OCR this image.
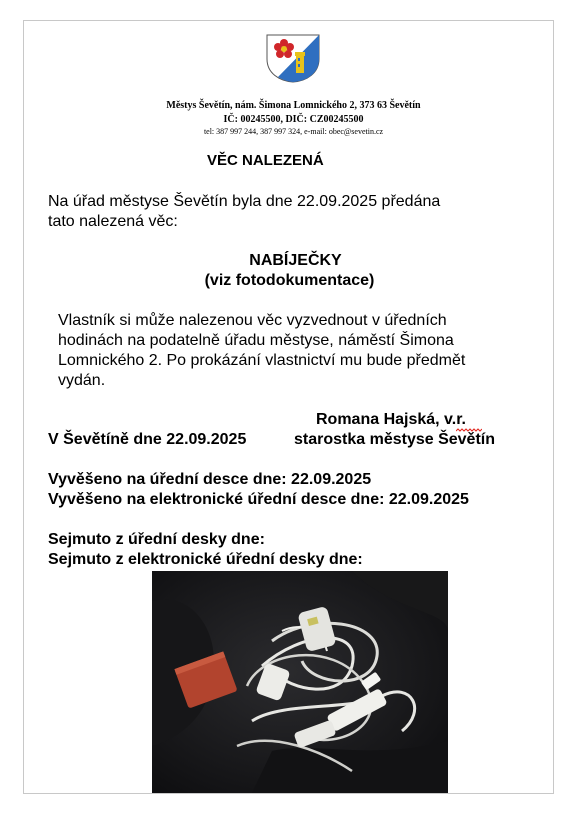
Městys Ševětín, nám. Šimona Lomnického 2, 373 63 Ševětín
IČ: 00245500, DIČ: CZ00245500
tel: 387 997 244, 387 997 324, e-mail: obec@sevetin.cz
VĚC NALEZENÁ
Na úřad městyse Ševětín byla dne 22.09.2025 předána
tato nalezená věc:
NABÍJEČKY
(viz fotodokumentace)
Vlastník si může nalezenou věc vyzvednout v úředních
hodinách na podatelně úřadu městyse, náměstí Šimona
Lomnického 2. Po prokázání vlastnictví mu bude předmět
vydán.
Romana Hajská, v.r.
V Ševětíně dne 22.09.2025	starostka městyse Ševětín
Vyvěšeno na úřední desce dne: 22.09.2025
Vyvěšeno na elektronické úřední desce dne: 22.09.2025
Sejmuto z úřední desky dne:
Sejmuto z elektronické úřední desky dne:
